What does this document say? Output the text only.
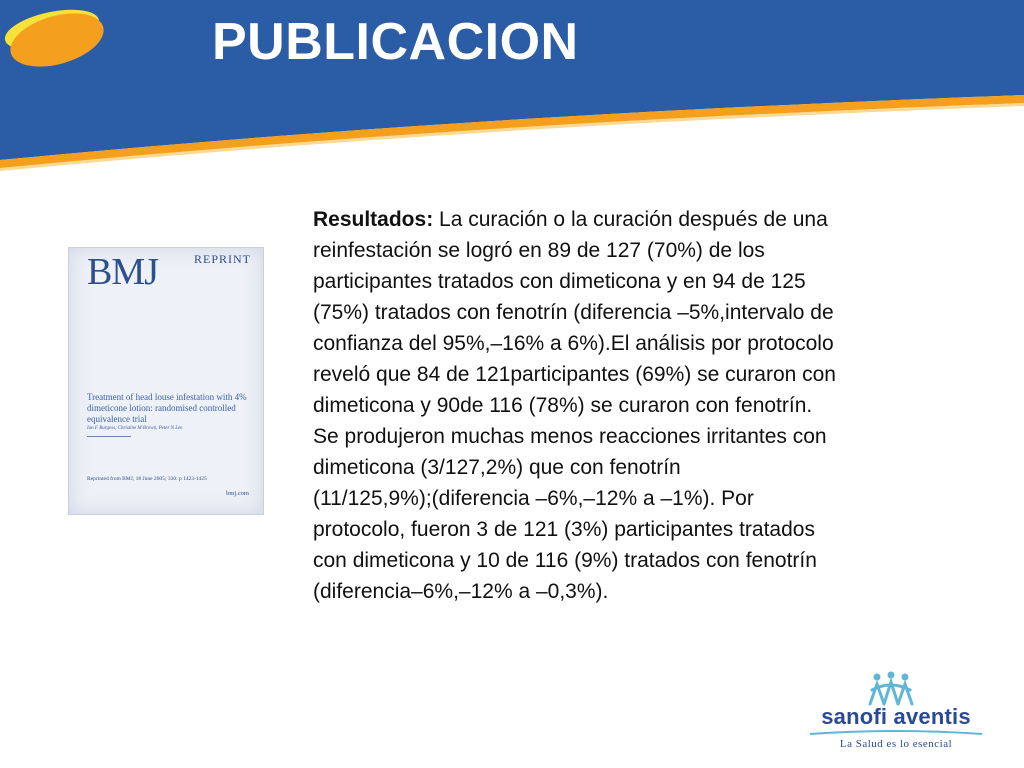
PUBLICACION
BMJ	REPRINT
Treatment of head louse infestation with 4% dimeticone lotion: randomised controlled equivalence trial
Ian F Burgess, Christine M Brown, Peter N Lee
Reprinted from BMJ, 18 June 2005; 330: p 1423-1425
bmj.com
Resultados: La curación o la curación después de una
reinfestación se logró en 89 de 127 (70%) de los
participantes tratados con dimeticona y en 94 de 125
(75%) tratados con fenotrín (diferencia –5%,intervalo de
confianza del 95%,–16% a 6%).El análisis por protocolo
reveló que 84 de 121participantes (69%) se curaron con
dimeticona y 90de 116 (78%) se curaron con fenotrín.
Se produjeron muchas menos reacciones irritantes con
dimeticona (3/127,2%) que con fenotrín
(11/125,9%);(diferencia –6%,–12% a –1%). Por
protocolo, fueron 3 de 121 (3%) participantes tratados
con dimeticona y 10 de 116 (9%) tratados con fenotrín
(diferencia–6%,–12% a –0,3%).
sanofi aventis
La Salud es lo esencial
